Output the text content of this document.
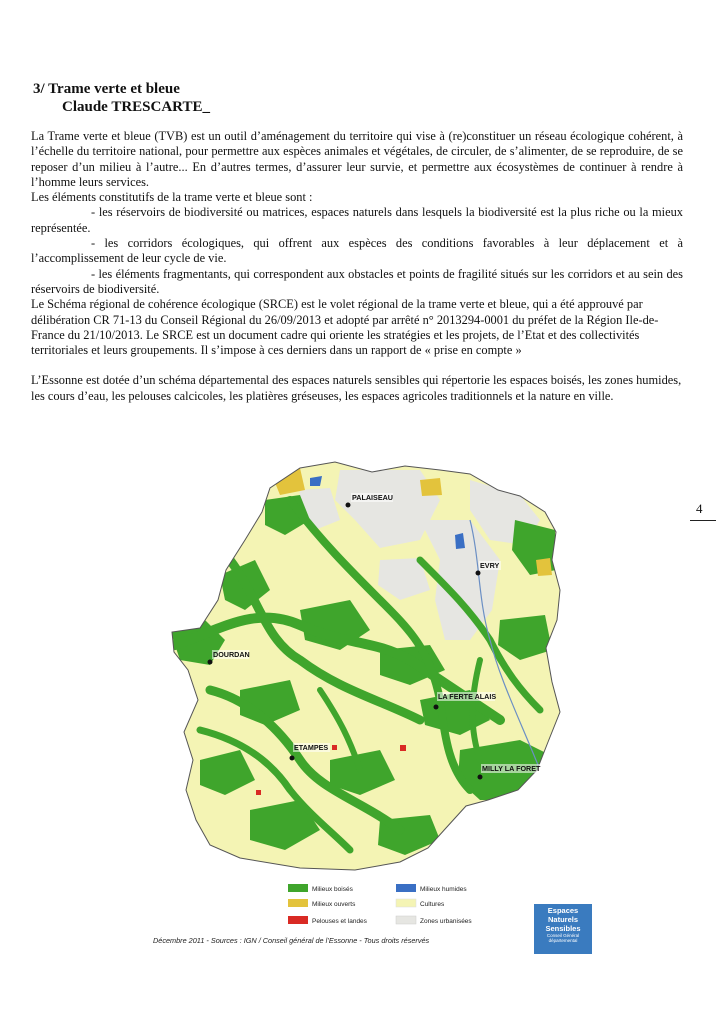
3/ Trame verte et bleue
Claude TRESCARTE_

La Trame verte et bleue (TVB) est un outil d’aménagement du territoire qui vise à (re)constituer un réseau écologique cohérent, à l’échelle du territoire national, pour permettre aux espèces animales et végétales, de circuler, de s’alimenter, de se reproduire, de se reposer d’un milieu à l’autre... En d’autres termes, d’assurer leur survie, et permettre aux écosystèmes de continuer à rendre à l’homme leurs services.

Les éléments constitutifs de la trame verte et bleue sont :

- les réservoirs de biodiversité ou matrices, espaces naturels dans lesquels la biodiversité est la plus riche ou la mieux représentée.

- les corridors écologiques, qui offrent aux espèces des conditions favorables à leur déplacement et à l’accomplissement de leur cycle de vie.

- les éléments fragmentants, qui correspondent aux obstacles et points de fragilité situés sur les corridors et au sein des réservoirs de biodiversité.

Le Schéma régional de cohérence écologique (SRCE) est le volet régional de la trame verte et bleue, qui a été approuvé par délibération CR 71-13 du Conseil Régional du 26/09/2013 et adopté par arrêté n° 2013294-0001 du préfet de la Région Ile-de-France du 21/10/2013. Le SRCE est un document cadre qui oriente les stratégies et les projets, de l’Etat et des collectivités territoriales et leurs groupements. Il s’impose à ces derniers dans un rapport de « prise en compte »

L’Essonne est dotée d’un schéma départemental des espaces naturels sensibles qui répertorie les espaces boisés, les zones humides, les cours d’eau, les pelouses calcicoles, les platières gréseuses, les espaces agricoles traditionnels et la nature en ville.

4
PALAISEAU
EVRY
DOURDAN
LA FERTE ALAIS
ETAMPES
MILLY LA FORET
Milieux boisés
Milieux ouverts
Pelouses et landes
Milieux humides
Cultures
Zones urbanisées
Décembre 2011 - Sources : IGN / Conseil général de l’Essonne - Tous droits réservés
Espaces
Naturels
Sensibles
Conseil Général
départemental
